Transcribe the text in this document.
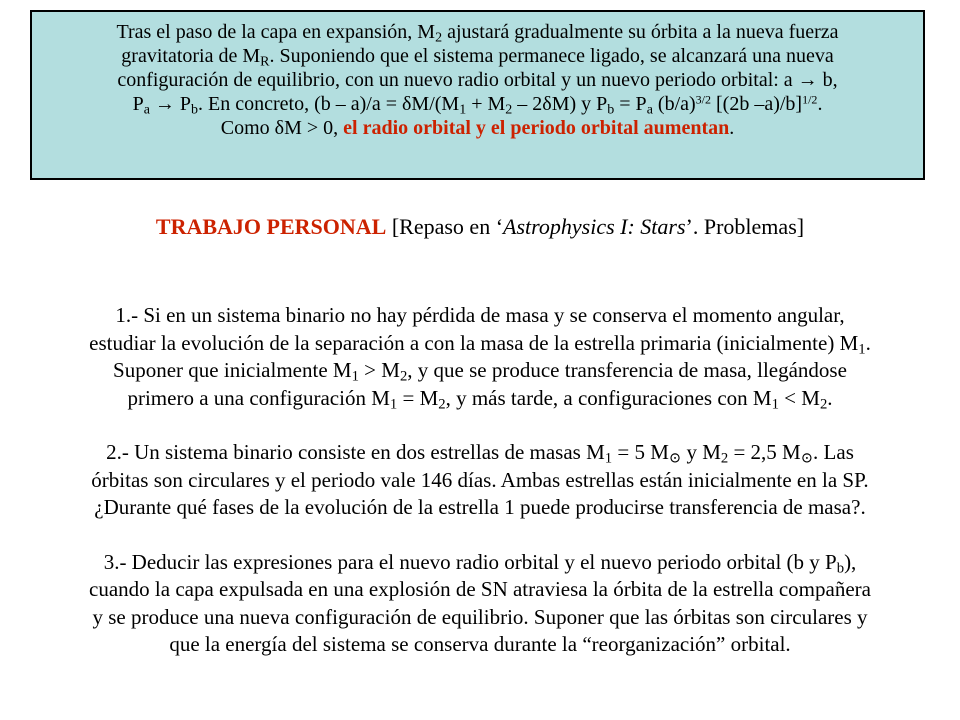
Tras el paso de la capa en expansión, $M_2$ ajustará gradualmente su órbita a la nueva fuerza
gravitatoria de $M_R$. Suponiendo que el sistema permanece ligado, se alcanzará una nueva
configuración de equilibrio, con un nuevo radio orbital y un nuevo periodo orbital: a → b,
$P_a \to P_b$. En concreto, $(b - a)/a = \delta M/(M_1 + M_2 - 2\delta M)$ y $P_b = P_a$ $(b/a)^{3/2}$ [(2b –a)/b]$^{1/2}$.
Como δM > 0, el radio orbital y el periodo orbital aumentan.
TRABAJO PERSONAL [Repaso en ‘Astrophysics I: Stars’. Problemas]

1.- Si en un sistema binario no hay pérdida de masa y se conserva el momento angular,
estudiar la evolución de la separación a con la masa de la estrella primaria (inicialmente) $M_1$.
Suponer que inicialmente $M_1 > M_2$, y que se produce transferencia de masa, llegándose
primero a una configuración $M_1 = M_2$, y más tarde, a configuraciones con $M_1 < M_2$.

2.- Un sistema binario consiste en dos estrellas de masas $M_1 = 5$ $M_⊙$ y $M_2 = 2,5$ $M_⊙$. Las
órbitas son circulares y el periodo vale 146 días. Ambas estrellas están inicialmente en la SP.
¿Durante qué fases de la evolución de la estrella 1 puede producirse transferencia de masa?.

3.- Deducir las expresiones para el nuevo radio orbital y el nuevo periodo orbital (b y $P_b$),
cuando la capa expulsada en una explosión de SN atraviesa la órbita de la estrella compañera
y se produce una nueva configuración de equilibrio. Suponer que las órbitas son circulares y
que la energía del sistema se conserva durante la “reorganización” orbital.
